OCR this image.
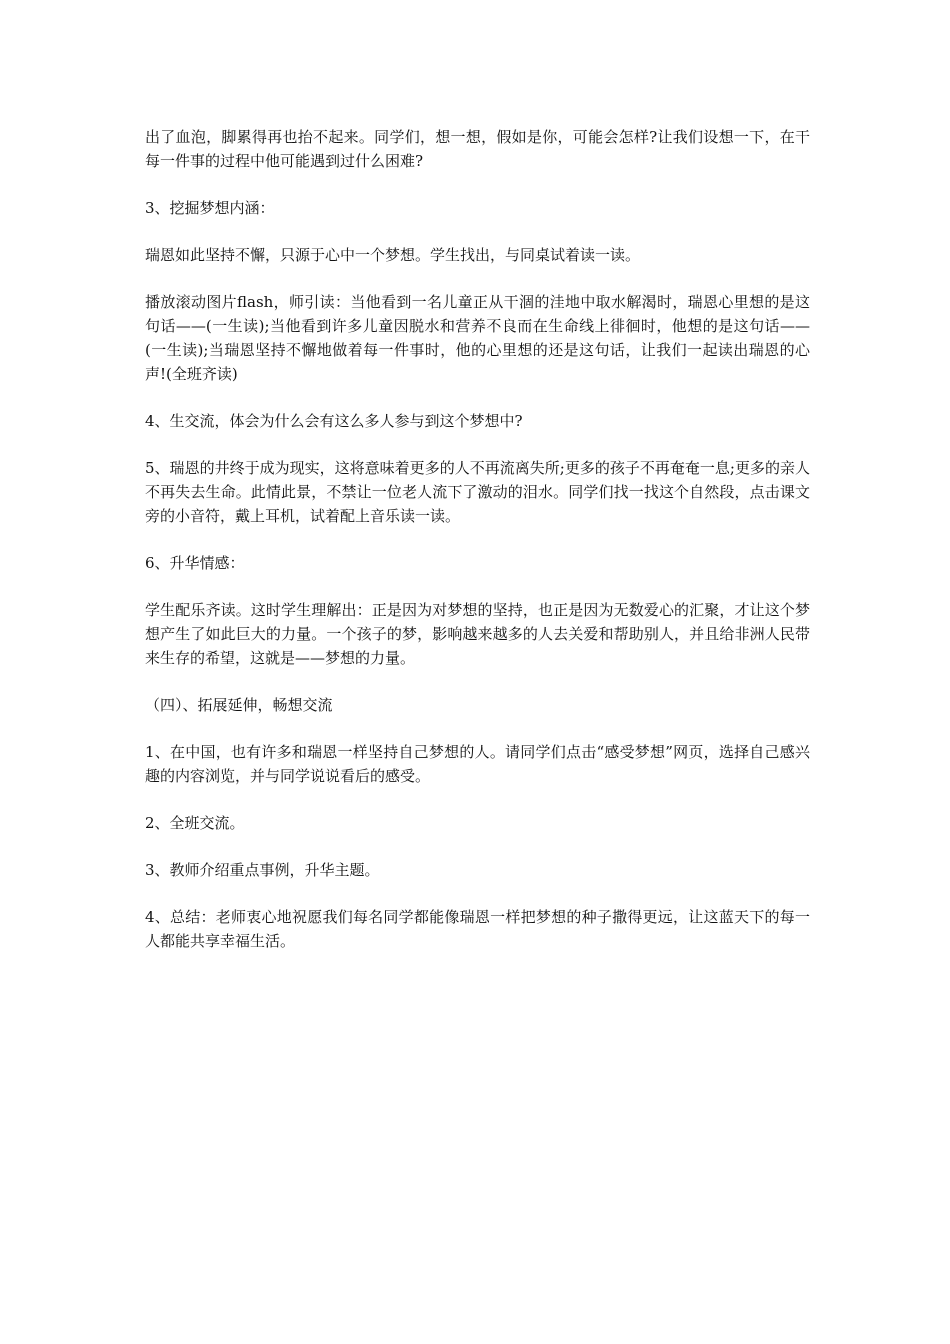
出了血泡，脚累得再也抬不起来。同学们，想一想，假如是你，可能会怎样?让我们设想一下，在干每一件事的过程中他可能遇到过什么困难?

3、挖掘梦想内涵：

瑞恩如此坚持不懈，只源于心中一个梦想。学生找出，与同桌试着读一读。

播放滚动图片flash，师引读：当他看到一名儿童正从干涸的洼地中取水解渴时，瑞恩心里想的是这句话——(一生读);当他看到许多儿童因脱水和营养不良而在生命线上徘徊时，他想的是这句话——(一生读);当瑞恩坚持不懈地做着每一件事时，他的心里想的还是这句话，让我们一起读出瑞恩的心声!(全班齐读)

4、生交流，体会为什么会有这么多人参与到这个梦想中?

5、瑞恩的井终于成为现实，这将意味着更多的人不再流离失所;更多的孩子不再奄奄一息;更多的亲人不再失去生命。此情此景，不禁让一位老人流下了激动的泪水。同学们找一找这个自然段，点击课文旁的小音符，戴上耳机，试着配上音乐读一读。

6、升华情感：

学生配乐齐读。这时学生理解出：正是因为对梦想的坚持，也正是因为无数爱心的汇聚，才让这个梦想产生了如此巨大的力量。一个孩子的梦，影响越来越多的人去关爱和帮助别人，并且给非洲人民带来生存的希望，这就是——梦想的力量。

（四）、拓展延伸，畅想交流

1、在中国，也有许多和瑞恩一样坚持自己梦想的人。请同学们点击“感受梦想”网页，选择自己感兴趣的内容浏览，并与同学说说看后的感受。

2、全班交流。

3、教师介绍重点事例，升华主题。

4、总结：老师衷心地祝愿我们每名同学都能像瑞恩一样把梦想的种子撒得更远，让这蓝天下的每一人都能共享幸福生活。
